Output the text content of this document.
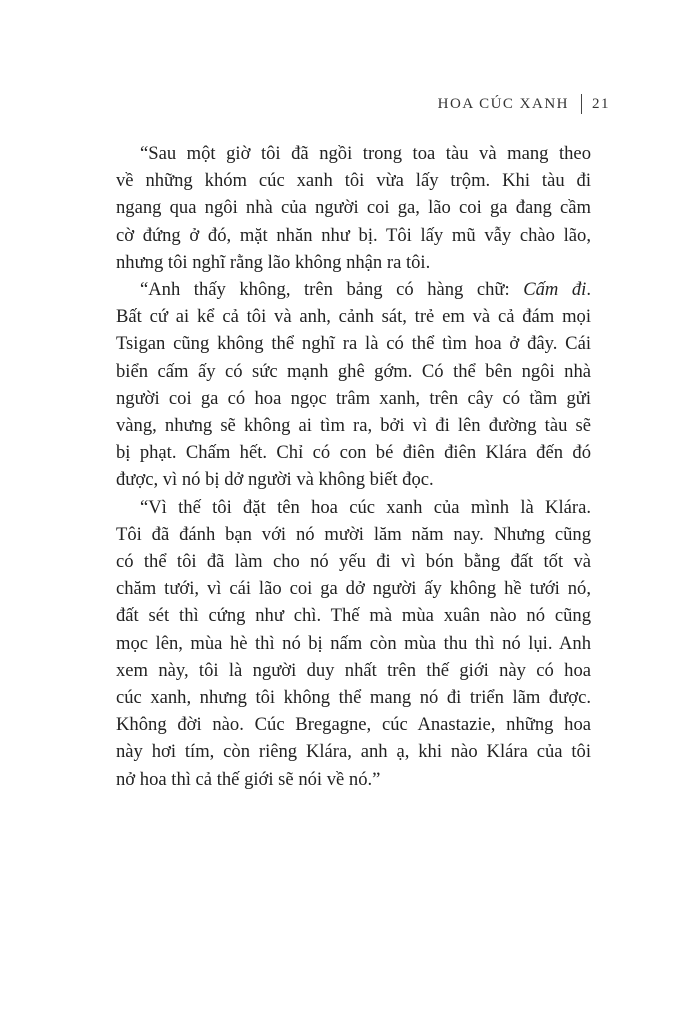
HOA CÚC XANH 21

“Sau một giờ tôi đã ngồi trong toa tàu và mang theo
về những khóm cúc xanh tôi vừa lấy trộm. Khi tàu đi
ngang qua ngôi nhà của người coi ga, lão coi ga đang cầm
cờ đứng ở đó, mặt nhăn như bị. Tôi lấy mũ vẫy chào lão,
nhưng tôi nghĩ rằng lão không nhận ra tôi.

“Anh thấy không, trên bảng có hàng chữ: Cấm đi.
Bất cứ ai kể cả tôi và anh, cảnh sát, trẻ em và cả đám mọi
Tsigan cũng không thể nghĩ ra là có thể tìm hoa ở đây. Cái
biển cấm ấy có sức mạnh ghê gớm. Có thể bên ngôi nhà
người coi ga có hoa ngọc trâm xanh, trên cây có tầm gửi
vàng, nhưng sẽ không ai tìm ra, bởi vì đi lên đường tàu sẽ
bị phạt. Chấm hết. Chỉ có con bé điên điên Klára đến đó
được, vì nó bị dở người và không biết đọc.

“Vì thế tôi đặt tên hoa cúc xanh của mình là Klára.
Tôi đã đánh bạn với nó mười lăm năm nay. Nhưng cũng
có thể tôi đã làm cho nó yếu đi vì bón bằng đất tốt và
chăm tưới, vì cái lão coi ga dở người ấy không hề tưới nó,
đất sét thì cứng như chì. Thế mà mùa xuân nào nó cũng
mọc lên, mùa hè thì nó bị nấm còn mùa thu thì nó lụi. Anh
xem này, tôi là người duy nhất trên thế giới này có hoa
cúc xanh, nhưng tôi không thể mang nó đi triển lãm được.
Không đời nào. Cúc Bregagne, cúc Anastazie, những hoa
này hơi tím, còn riêng Klára, anh ạ, khi nào Klára của tôi
nở hoa thì cả thế giới sẽ nói về nó.”
